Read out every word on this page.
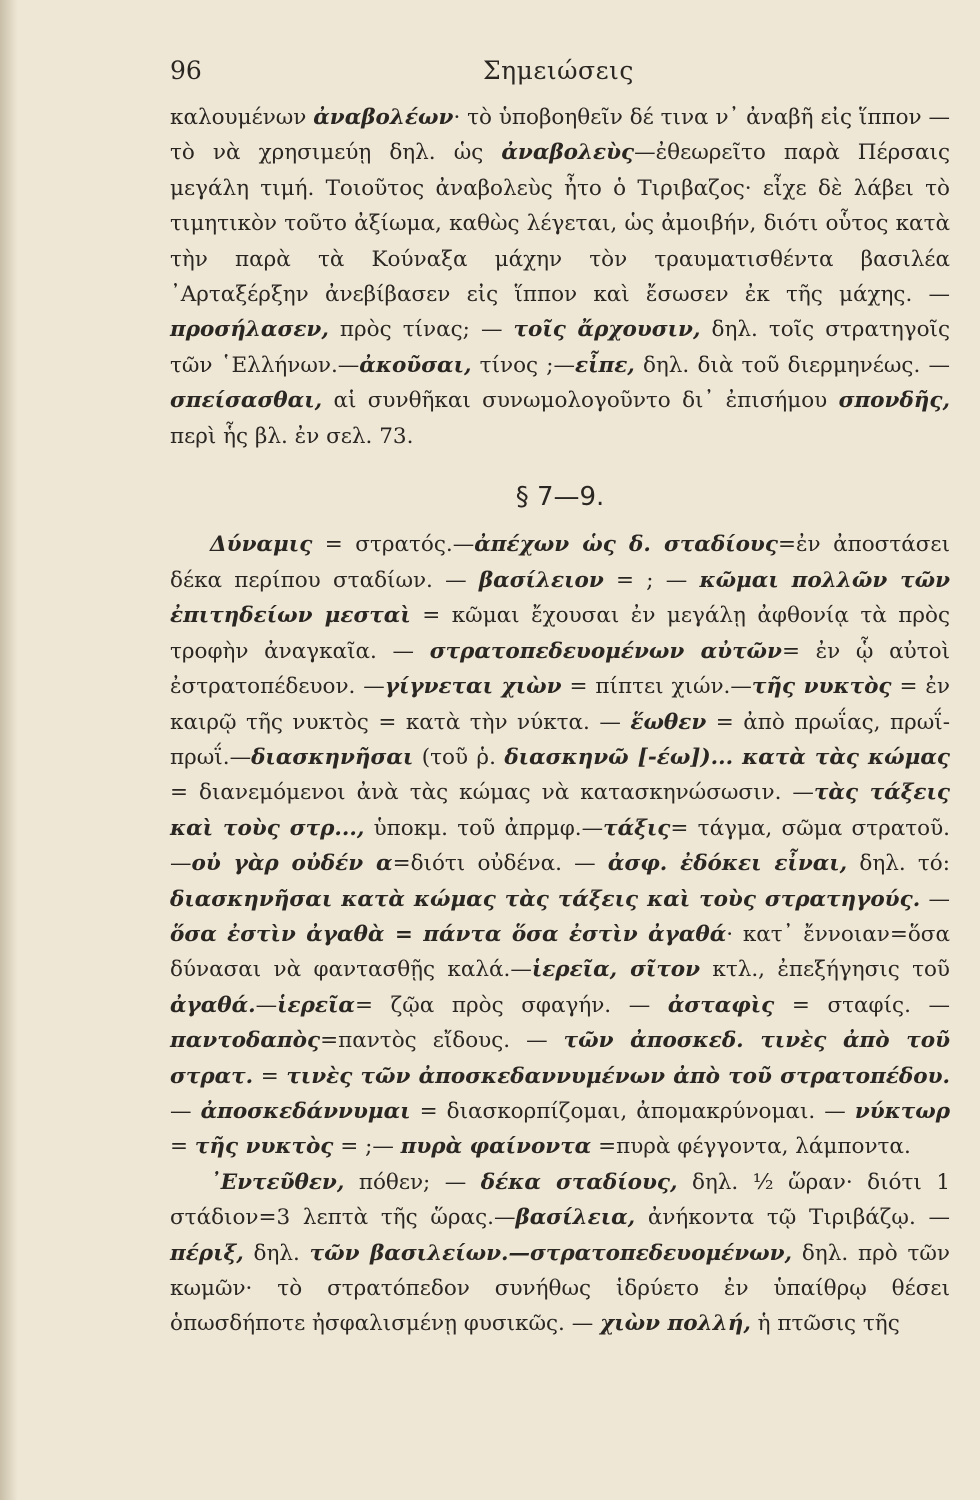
96	Σημειώσεις

καλουμένων ἀναβολέων· τὸ ὑποβοηθεῖν δέ τινα ν᾽ ἀναβῆ εἰς ἵππον —τὸ νὰ χρησιμεύῃ δηλ. ὡς ἀναβολεὺς—ἐθεωρεῖτο παρὰ Πέρσαις μεγάλη τιμή. Τοιοῦτος ἀναβολεὺς ἦτο ὁ Τιριβαζος· εἶχε δὲ λάβει τὸ τιμητικὸν τοῦτο ἀξίωμα, καθὼς λέγεται, ὡς ἀμοιβήν, διότι οὗτος κατὰ τὴν παρὰ τὰ Κούναξα μάχην τὸν τραυματισθέντα βασιλέα ᾽Αρταξέρξην ἀνεβίβασεν εἰς ἵππον καὶ ἔσωσεν ἐκ τῆς μάχης. — προσήλασεν, πρὸς τίνας; — τοῖς ἄρχουσιν, δηλ. τοῖς στρατηγοῖς τῶν ῾Ελλήνων.—ἀκοῦσαι, τίνος ;—εἶπε, δηλ. διὰ τοῦ διερμηνέως. — σπείσασθαι, αἱ συνθῆκαι συνωμολογοῦντο δι᾽ ἐπισήμου σπονδῆς, περὶ ἧς βλ. ἐν σελ. 73.

§ 7—9.

Δύναμις = στρατός.—ἀπέχων ὡς δ. σταδίους=ἐν ἀποστάσει δέκα περίπου σταδίων. — βασίλειον = ; — κῶμαι πολλῶν τῶν ἐπιτηδείων μεσταὶ = κῶμαι ἔχουσαι ἐν μεγάλῃ ἀφθονίᾳ τὰ πρὸς τροφὴν ἀναγκαῖα. — στρατοπεδευομένων αὐτῶν= ἐν ᾧ αὐτοὶ ἐστρατοπέδευον. —γίγνεται χιὼν = πίπτει χιών.—τῆς νυκτὸς = ἐν καιρῷ τῆς νυκτὸς = κατὰ τὴν νύκτα. — ἕωθεν = ἀπὸ πρωΐας, πρωΐ-πρωΐ.—διασκηνῆσαι (τοῦ ῥ. διασκηνῶ [-έω])... κατὰ τὰς κώμας = διανεμόμενοι ἀνὰ τὰς κώμας νὰ κατασκηνώσωσιν. —τὰς τάξεις καὶ τοὺς στρ..., ὑποκμ. τοῦ ἀπρμφ.—τάξις= τάγμα, σῶμα στρατοῦ.—οὐ γὰρ οὐδέν α=διότι οὐδένα. — ἀσφ. ἐδόκει εἶναι, δηλ. τό: διασκηνῆσαι κατὰ κώμας τὰς τάξεις καὶ τοὺς στρατηγούς. — ὅσα ἐστὶν ἀγαθὰ = πάντα ὅσα ἐστὶν ἀγαθά· κατ᾽ ἔννοιαν=ὅσα δύνασαι νὰ φαντασθῇς καλά.—ἱερεῖα, σῖτον κτλ., ἐπεξήγησις τοῦ ἀγαθά.—ἱερεῖα= ζῷα πρὸς σφαγήν. — ἀσταφὶς = σταφίς. —παντοδαπὸς=παντὸς εἴδους. — τῶν ἀποσκεδ. τινὲς ἀπὸ τοῦ στρατ. = τινὲς τῶν ἀποσκεδαννυμένων ἀπὸ τοῦ στρατοπέδου. — ἀποσκεδάννυμαι = διασκορπίζομαι, ἀπομακρύνομαι. — νύκτωρ = τῆς νυκτὸς = ;— πυρὰ φαίνοντα =πυρὰ φέγγοντα, λάμποντα.

᾽Εντεῦθεν, πόθεν; — δέκα σταδίους, δηλ. ½ ὥραν· διότι 1 στάδιον=3 λεπτὰ τῆς ὥρας.—βασίλεια, ἀνήκοντα τῷ Τιριβάζῳ. —πέριξ, δηλ. τῶν βασιλείων.—στρατοπεδευομένων, δηλ. πρὸ τῶν κωμῶν· τὸ στρατόπεδον συνήθως ἱδρύετο ἐν ὑπαίθρῳ θέσει ὁπωσδήποτε ἠσφαλισμένῃ φυσικῶς. — χιὼν πολλή, ἡ πτῶσις τῆς
